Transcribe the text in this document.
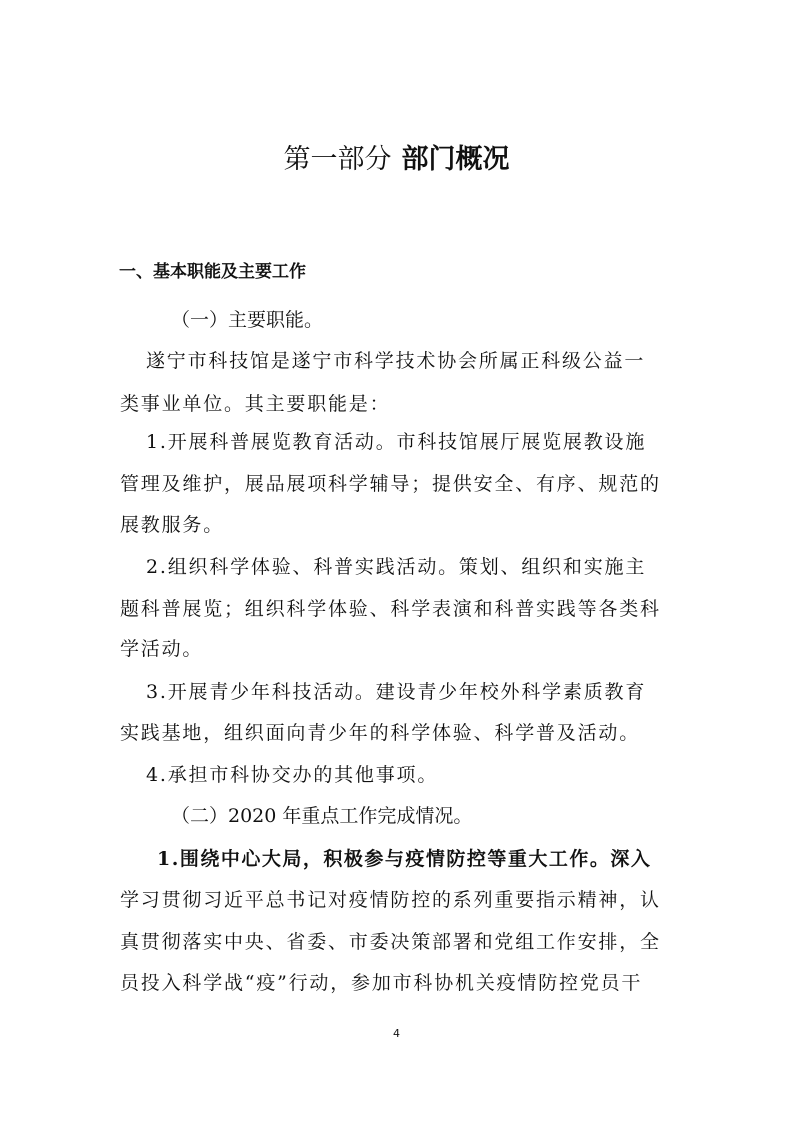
第一部分 部门概况
一、基本职能及主要工作
（一）主要职能。
遂宁市科技馆是遂宁市科学技术协会所属正科级公益一
类事业单位。其主要职能是：
1.开展科普展览教育活动。市科技馆展厅展览展教设施
管理及维护，展品展项科学辅导；提供安全、有序、规范的
展教服务。
2.组织科学体验、科普实践活动。策划、组织和实施主
题科普展览；组织科学体验、科学表演和科普实践等各类科
学活动。
3.开展青少年科技活动。建设青少年校外科学素质教育
实践基地，组织面向青少年的科学体验、科学普及活动。
4.承担市科协交办的其他事项。
（二）2020 年重点工作完成情况。
1.围绕中心大局，积极参与疫情防控等重大工作。深入
学习贯彻习近平总书记对疫情防控的系列重要指示精神，认
真贯彻落实中央、省委、市委决策部署和党组工作安排，全
员投入科学战“疫”行动，参加市科协机关疫情防控党员干
4
